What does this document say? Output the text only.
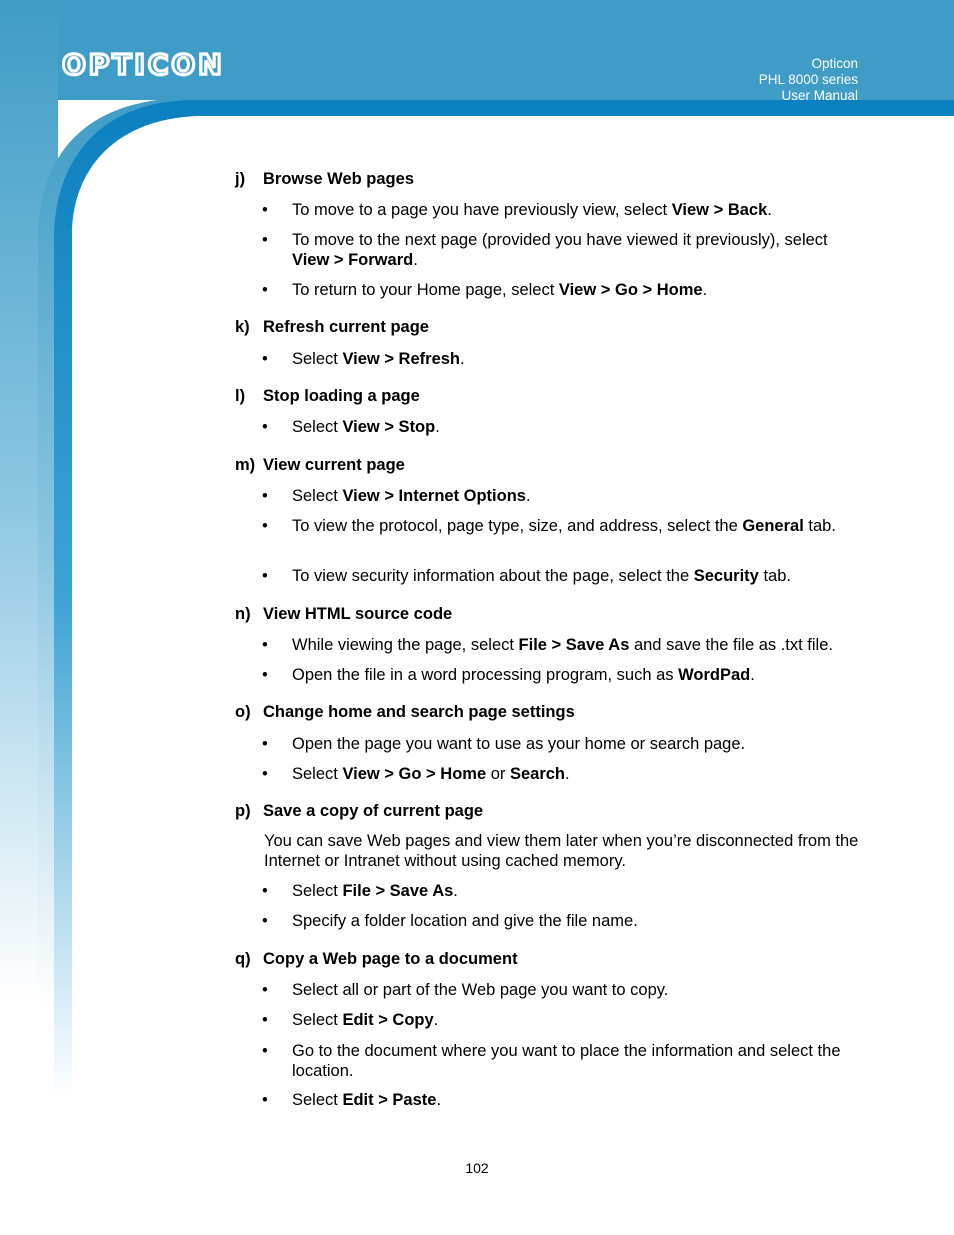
OPTICON	Opticon
PHL 8000 series
User Manual
j) Browse Web pages
•	To move to a page you have previously view, select View > Back.
•	To move to the next page (provided you have viewed it previously), select View > Forward.
•	To return to your Home page, select View > Go > Home.
k) Refresh current page
•	Select View > Refresh.
l) Stop loading a page
•	Select View > Stop.
m) View current page
•	Select View > Internet Options.
•	To view the protocol, page type, size, and address, select the General tab.
•	To view security information about the page, select the Security tab.
n) View HTML source code
•	While viewing the page, select File > Save As and save the file as .txt file.
•	Open the file in a word processing program, such as WordPad.
o) Change home and search page settings
•	Open the page you want to use as your home or search page.
•	Select View > Go > Home or Search.
p) Save a copy of current page
You can save Web pages and view them later when you’re disconnected from the Internet or Intranet without using cached memory.
•	Select File > Save As.
•	Specify a folder location and give the file name.
q) Copy a Web page to a document
•	Select all or part of the Web page you want to copy.
•	Select Edit > Copy.
•	Go to the document where you want to place the information and select the location.
•	Select Edit > Paste.
102
